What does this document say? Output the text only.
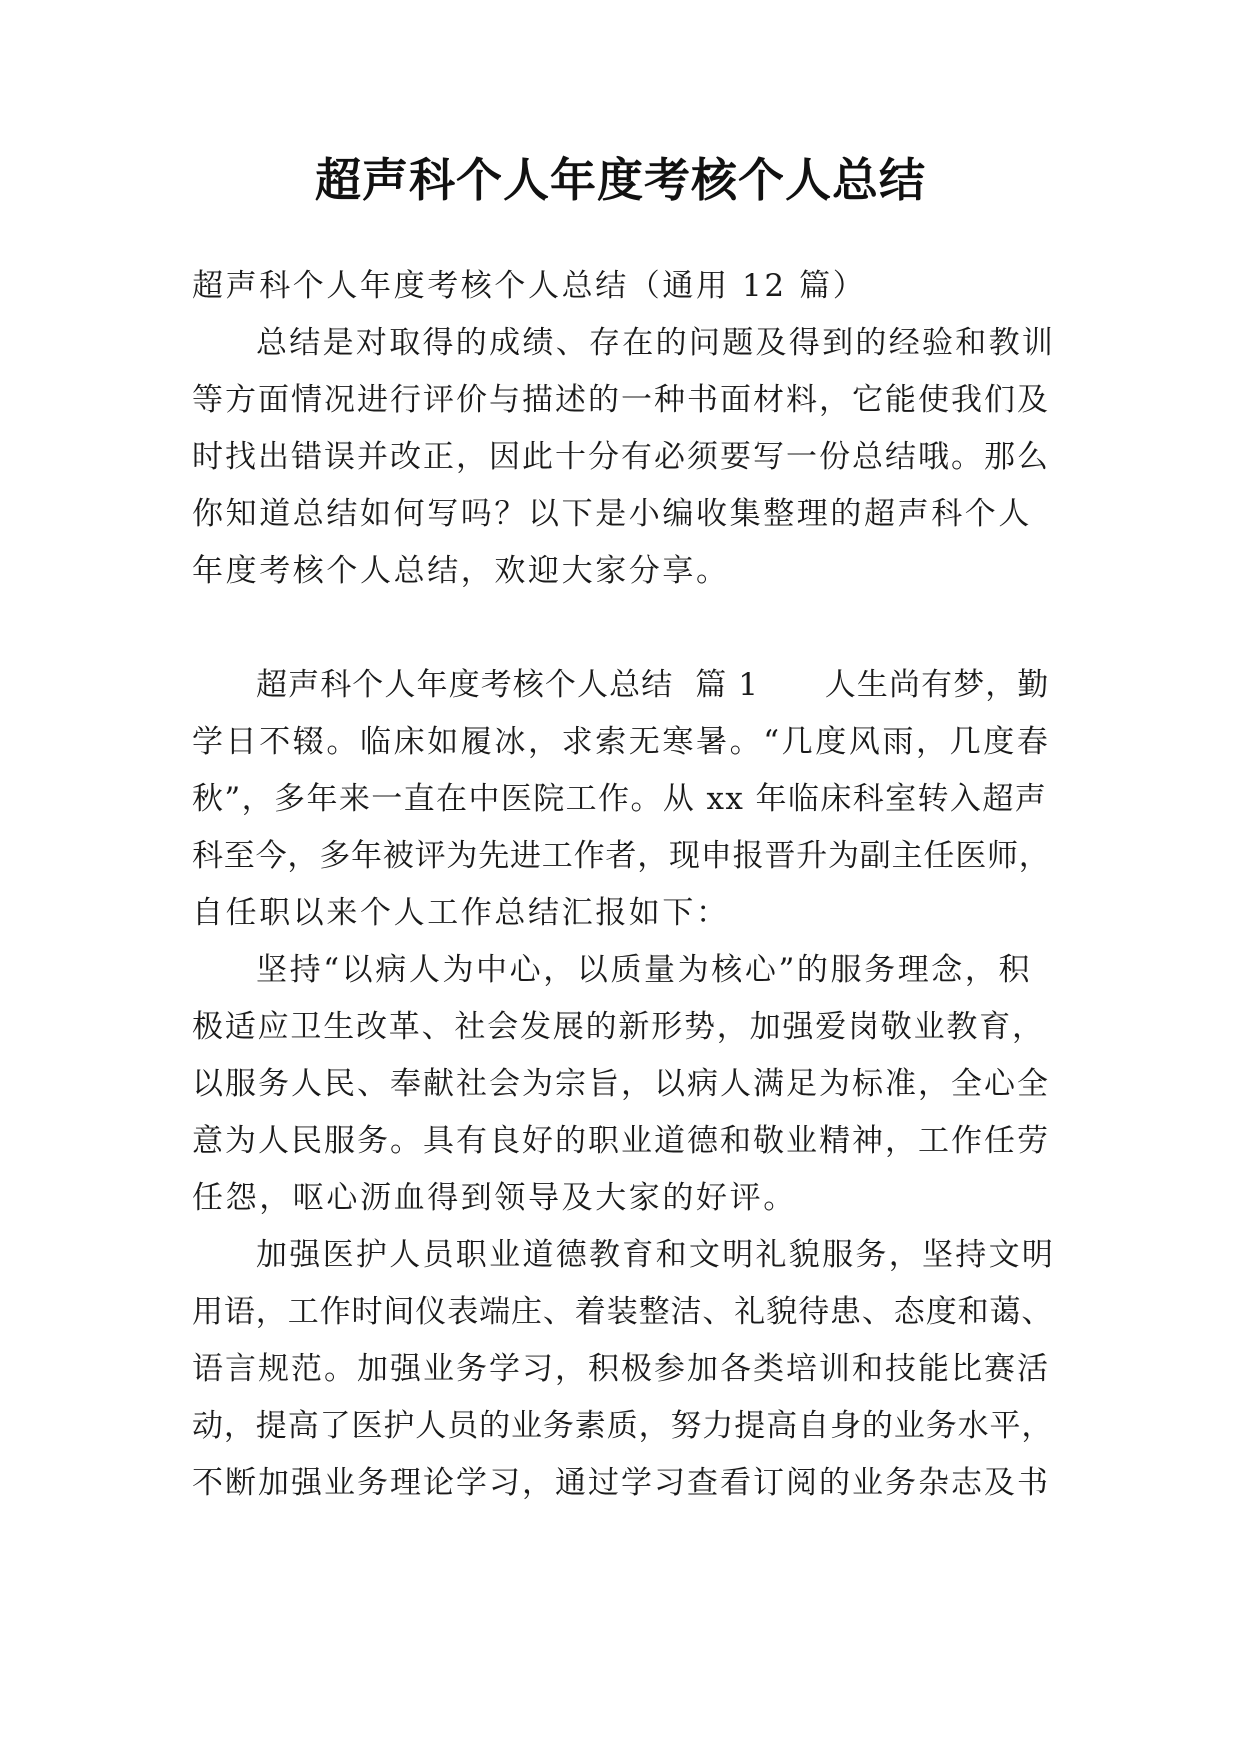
超声科个人年度考核个人总结

超声科个人年度考核个人总结（通用 12 篇）

总结是对取得的成绩、存在的问题及得到的经验和教训

等方面情况进行评价与描述的一种书面材料，它能使我们及

时找出错误并改正，因此十分有必须要写一份总结哦。那么

你知道总结如何写吗？以下是小编收集整理的超声科个人

年度考核个人总结，欢迎大家分享。

超声科个人年度考核个人总结  篇 1      人生尚有梦，勤

学日不辍。临床如履冰，求索无寒暑。“几度风雨，几度春

秋”，多年来一直在中医院工作。从 xx 年临床科室转入超声

科至今，多年被评为先进工作者，现申报晋升为副主任医师，

自任职以来个人工作总结汇报如下：

坚持“以病人为中心，以质量为核心”的服务理念，积

极适应卫生改革、社会发展的新形势，加强爱岗敬业教育，

以服务人民、奉献社会为宗旨，以病人满足为标准，全心全

意为人民服务。具有良好的职业道德和敬业精神，工作任劳

任怨，呕心沥血得到领导及大家的好评。

加强医护人员职业道德教育和文明礼貌服务，坚持文明

用语，工作时间仪表端庄、着装整洁、礼貌待患、态度和蔼、

语言规范。加强业务学习，积极参加各类培训和技能比赛活

动，提高了医护人员的业务素质，努力提高自身的业务水平，

不断加强业务理论学习，通过学习查看订阅的业务杂志及书
